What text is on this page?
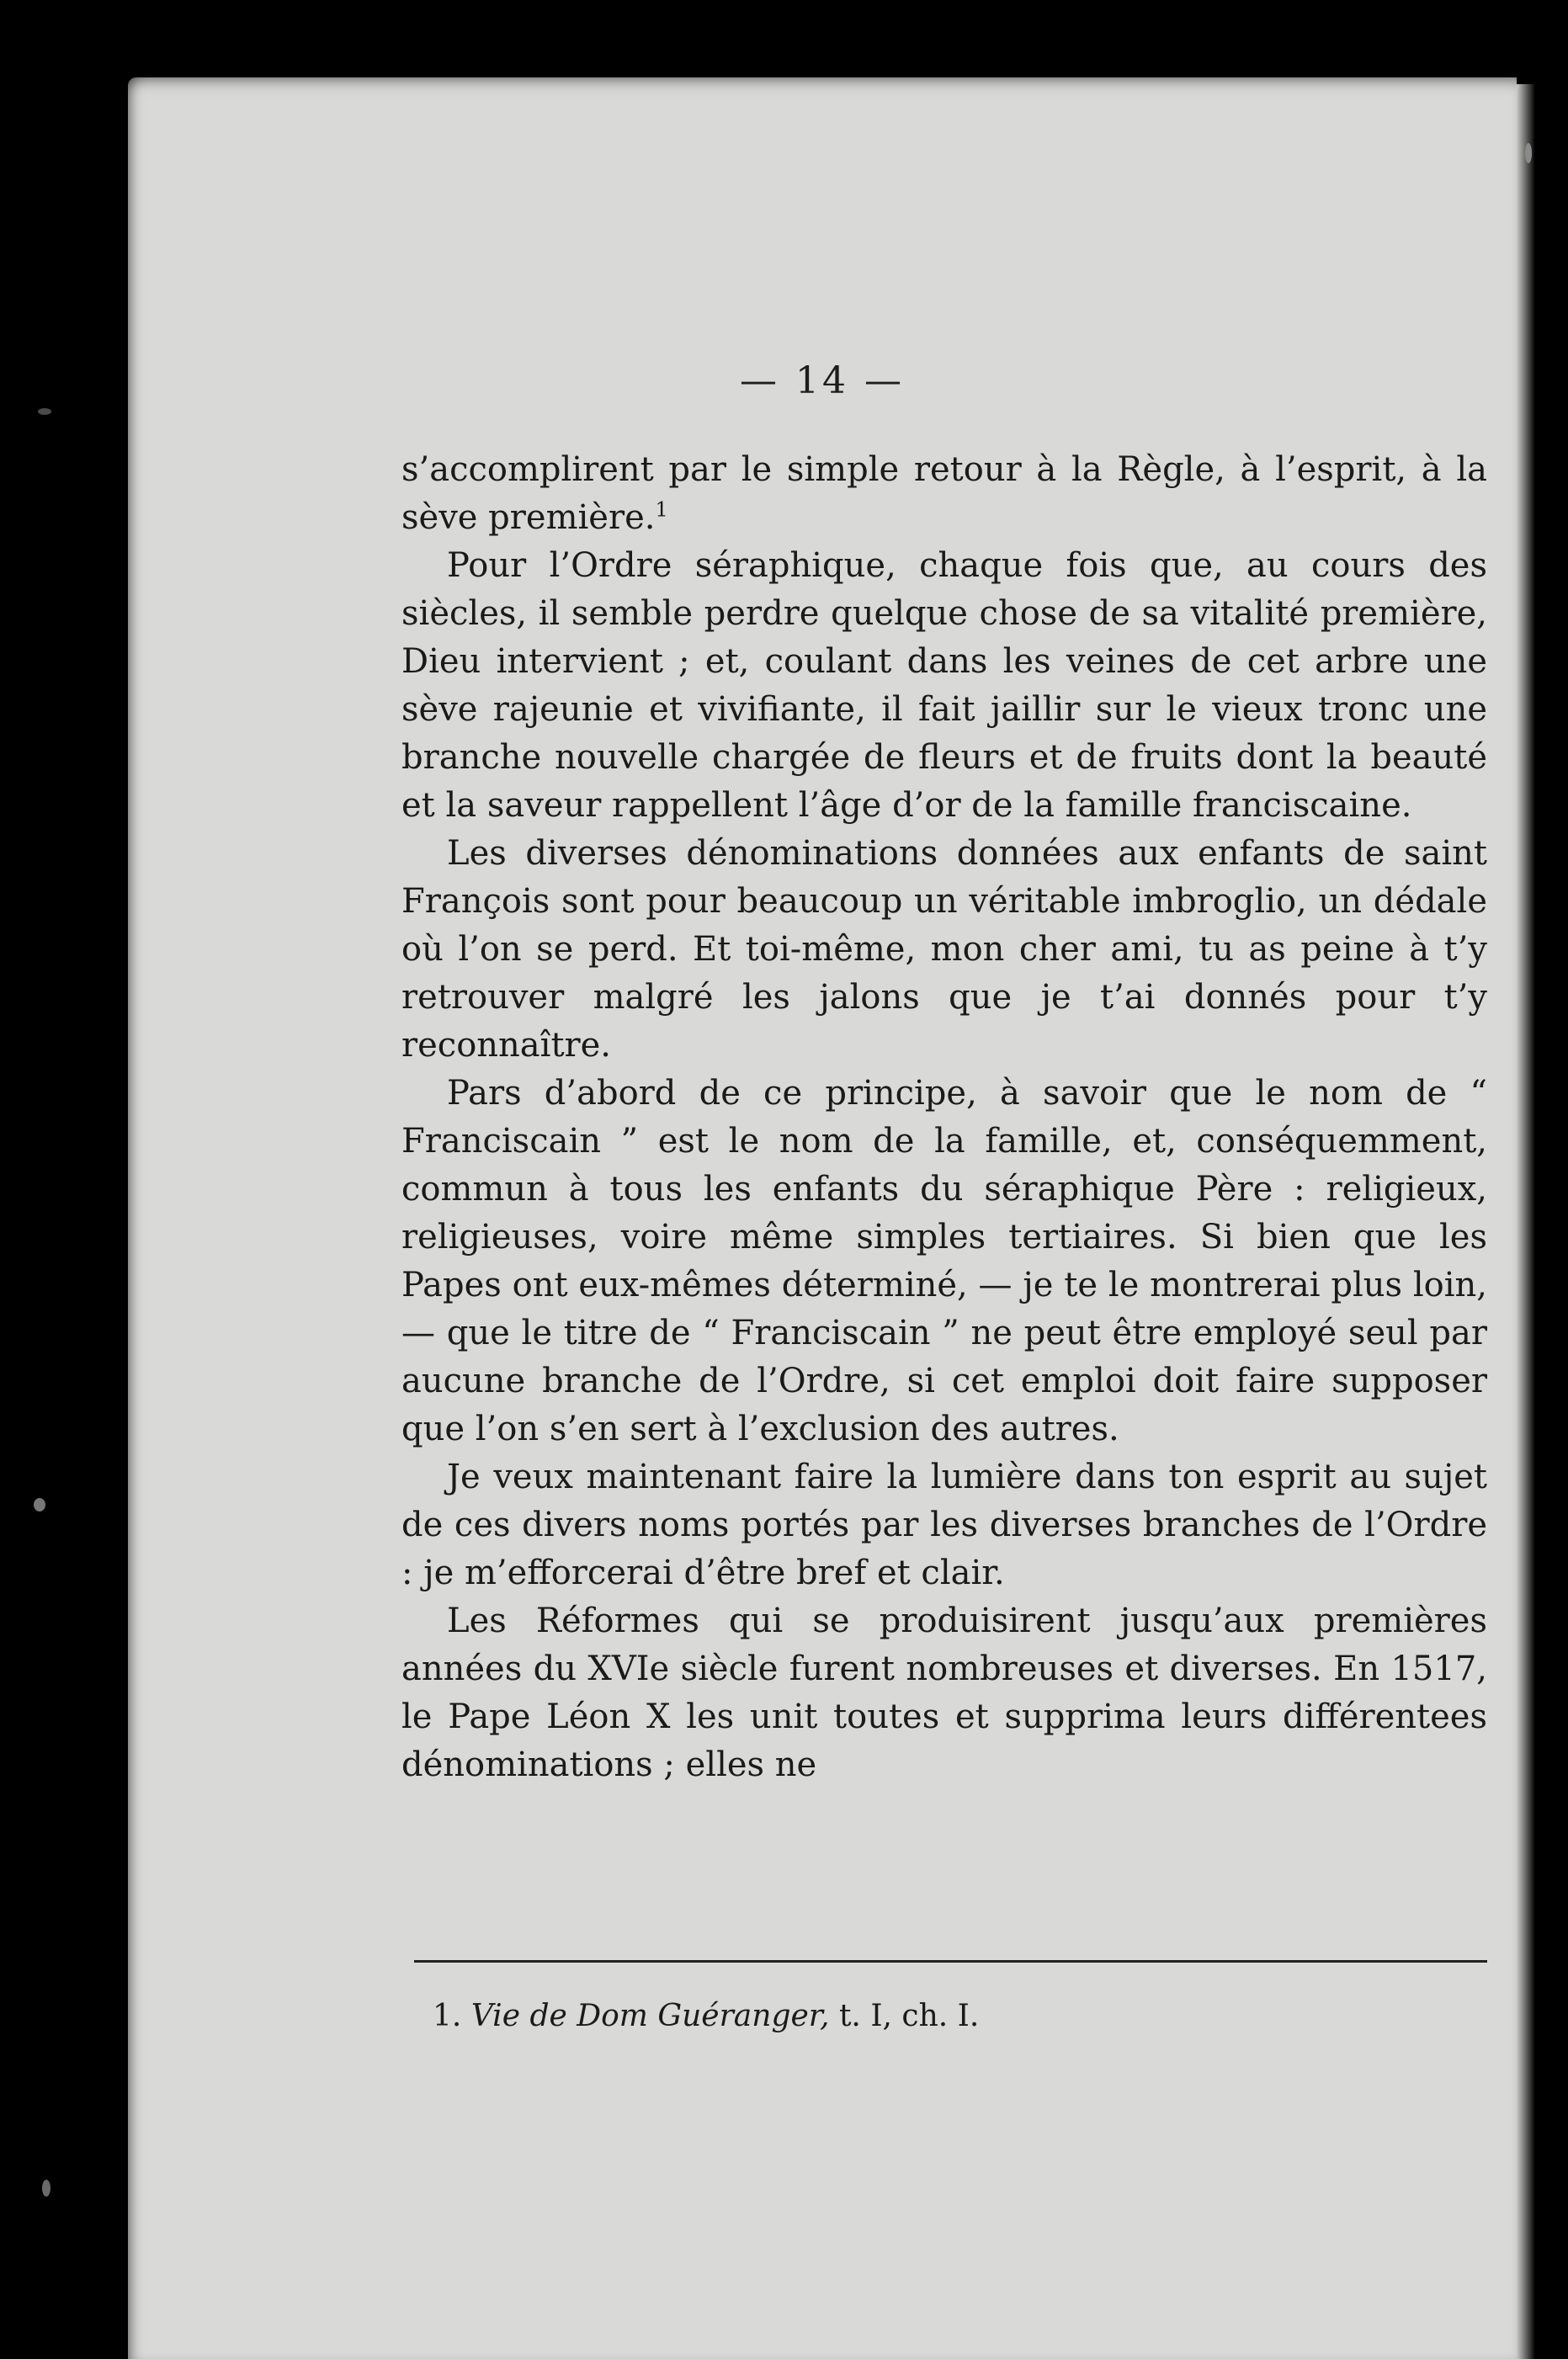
— 14 —

s’accomplirent par le simple retour à la Règle, à l’esprit, à la sève première.$^1$

Pour l’Ordre séraphique, chaque fois que, au cours des siècles, il semble perdre quelque chose de sa vitalité première, Dieu intervient ; et, coulant dans les veines de cet arbre une sève rajeunie et vivifiante, il fait jaillir sur le vieux tronc une branche nouvelle chargée de fleurs et de fruits dont la beauté et la saveur rappellent l’âge d’or de la famille franciscaine.

Les diverses dénominations données aux enfants de saint François sont pour beaucoup un véritable imbroglio, un dédale où l’on se perd. Et toi-même, mon cher ami, tu as peine à t’y retrouver malgré les jalons que je t’ai donnés pour t’y reconnaître.

Pars d’abord de ce principe, à savoir que le nom de “ Franciscain ” est le nom de la famille, et, conséquemment, commun à tous les enfants du séraphique Père : religieux, religieuses, voire même simples tertiaires. Si bien que les Papes ont eux-mêmes déterminé, — je te le montrerai plus loin, — que le titre de “ Franciscain ” ne peut être employé seul par aucune branche de l’Ordre, si cet emploi doit faire supposer que l’on s’en sert à l’exclusion des autres.

Je veux maintenant faire la lumière dans ton esprit au sujet de ces divers noms portés par les diverses branches de l’Ordre : je m’efforcerai d’être bref et clair.

Les Réformes qui se produisirent jusqu’aux premières années du XVIe siècle furent nombreuses et diverses. En 1517, le Pape Léon X les unit toutes et supprima leurs différentees dénominations ; elles ne

1. Vie de Dom Guéranger, t. I, ch. I.
